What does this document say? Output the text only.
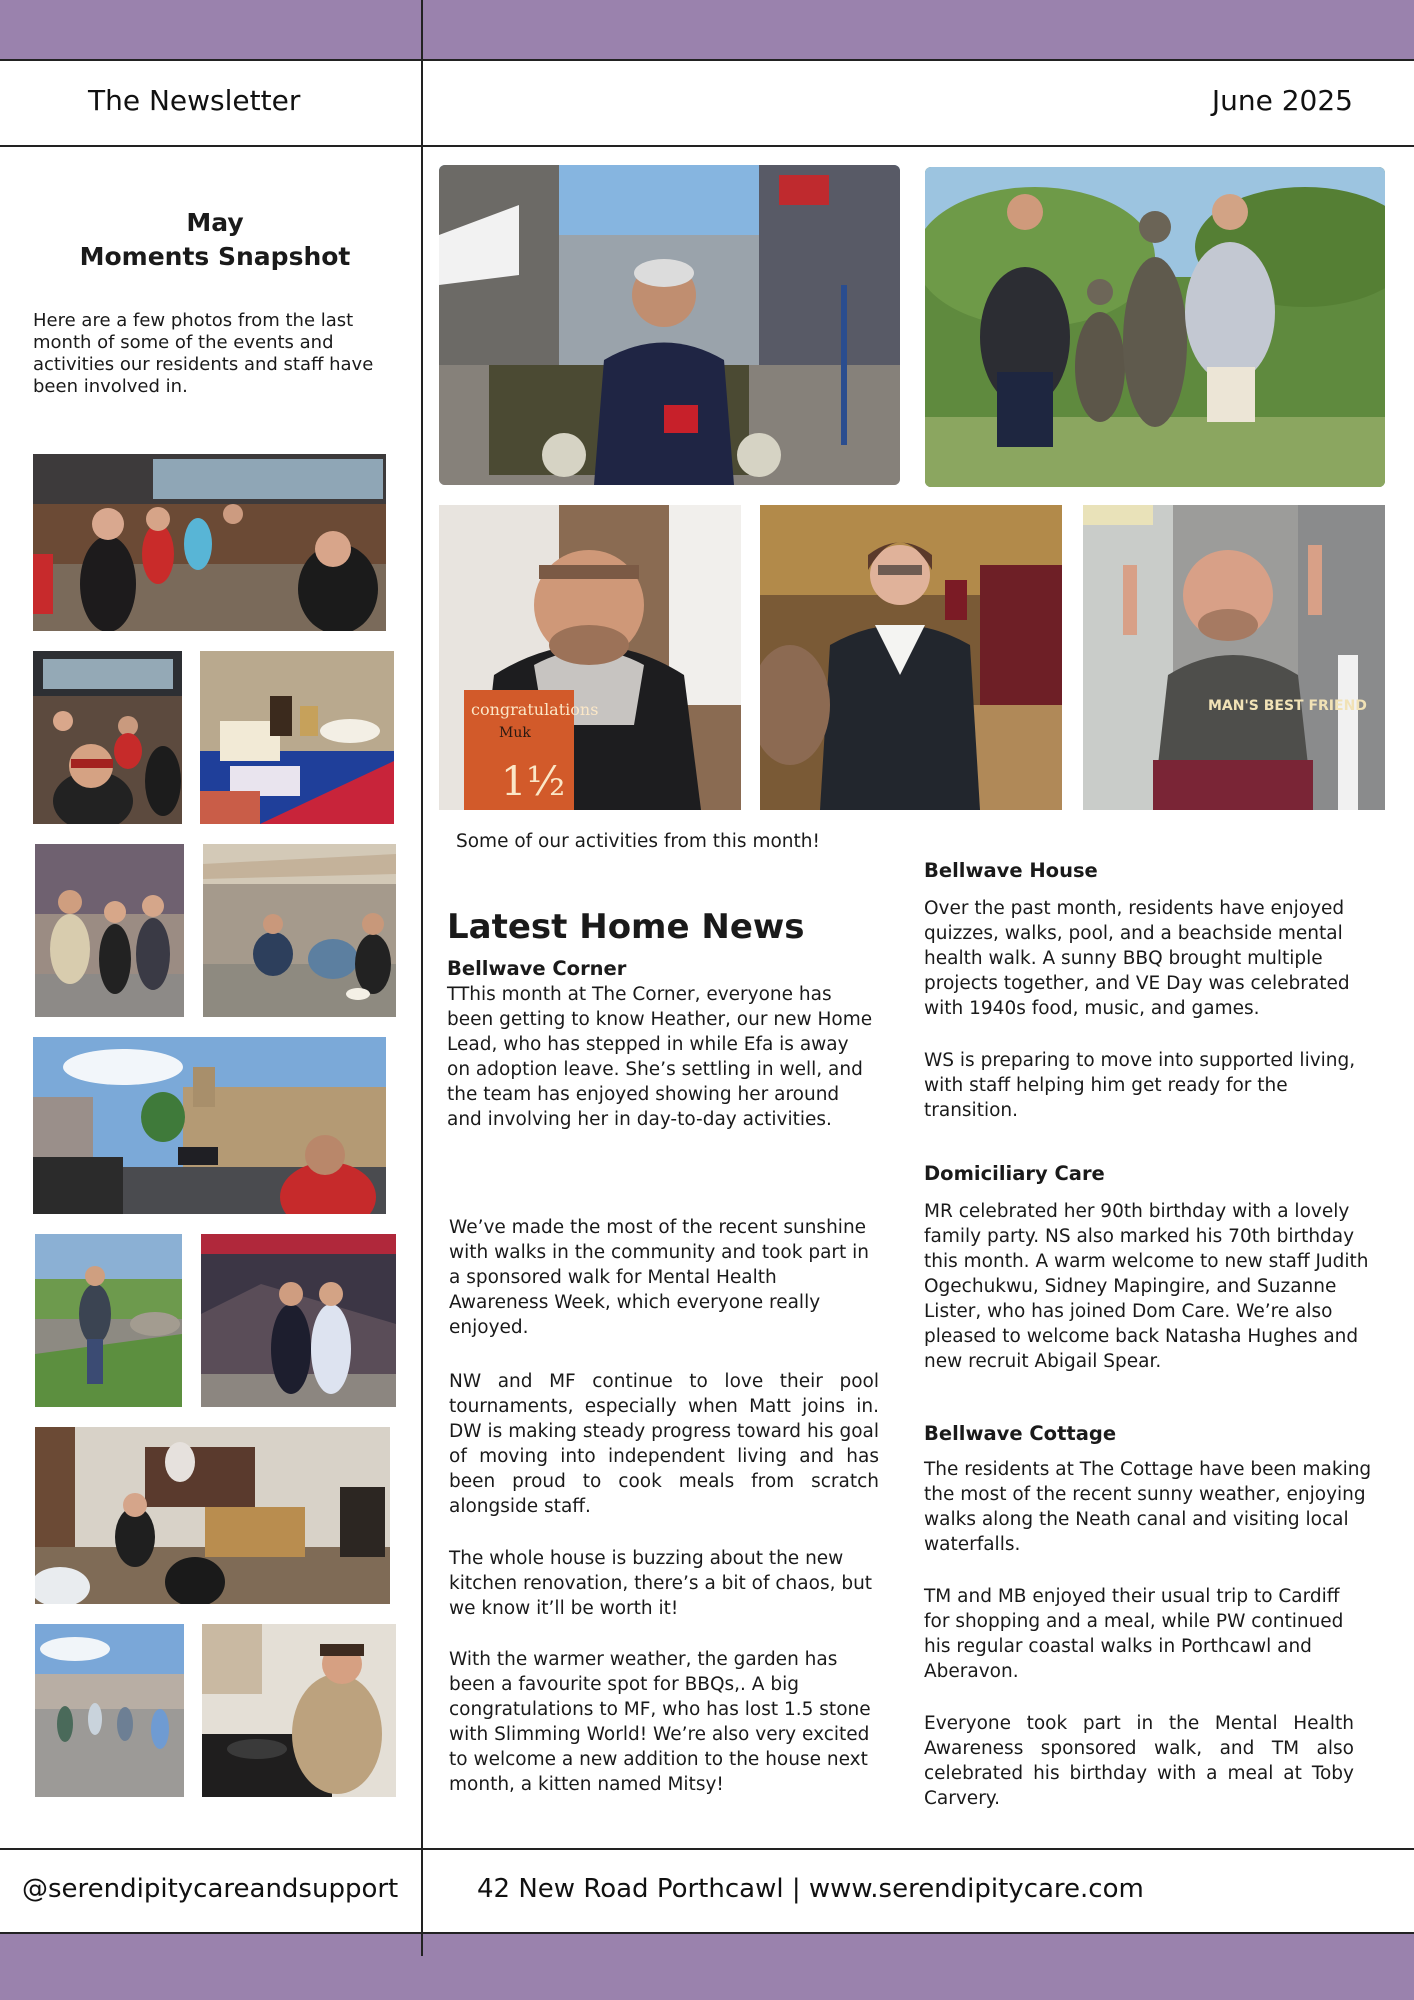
The Newsletter	June 2025
May
Moments Snapshot
Here are a few photos from the last month of some of the events and activities our residents and staff have been involved in.
congratulations
Muk
1½
MAN'S BEST FRIEND
Some of our activities from this month!
Latest Home News
Bellwave Corner
TThis month at The Corner, everyone has been getting to know Heather, our new Home Lead, who has stepped in while Efa is away on adoption leave. She’s settling in well, and the team has enjoyed showing her around and involving her in day-to-day activities.
We’ve made the most of the recent sunshine with walks in the community and took part in a sponsored walk for Mental Health Awareness Week, which everyone really enjoyed.
NW and MF continue to love their pool tournaments, especially when Matt joins in. DW is making steady progress toward his goal of moving into independent living and has been proud to cook meals from scratch alongside staff.
The whole house is buzzing about the new kitchen renovation, there’s a bit of chaos, but we know it’ll be worth it!
With the warmer weather, the garden has been a favourite spot for BBQs,. A big congratulations to MF, who has lost 1.5 stone with Slimming World! We’re also very excited to welcome a new addition to the house next month, a kitten named Mitsy!
Bellwave House
Over the past month, residents have enjoyed quizzes, walks, pool, and a beachside mental health walk. A sunny BBQ brought multiple projects together, and VE Day was celebrated with 1940s food, music, and games.
WS is preparing to move into supported living, with staff helping him get ready for the transition.
Domiciliary Care
MR celebrated her 90th birthday with a lovely family party. NS also marked his 70th birthday this month. A warm welcome to new staff Judith Ogechukwu, Sidney Mapingire, and Suzanne Lister, who has joined Dom Care. We’re also pleased to welcome back Natasha Hughes and new recruit Abigail Spear.
Bellwave Cottage
The residents at The Cottage have been making the most of the recent sunny weather, enjoying walks along the Neath canal and visiting local waterfalls.
TM and MB enjoyed their usual trip to Cardiff for shopping and a meal, while PW continued his regular coastal walks in Porthcawl and Aberavon.
Everyone took part in the Mental Health Awareness sponsored walk, and TM also celebrated his birthday with a meal at Toby Carvery.
@serendipitycareandsupport	42 New Road Porthcawl | www.serendipitycare.com
